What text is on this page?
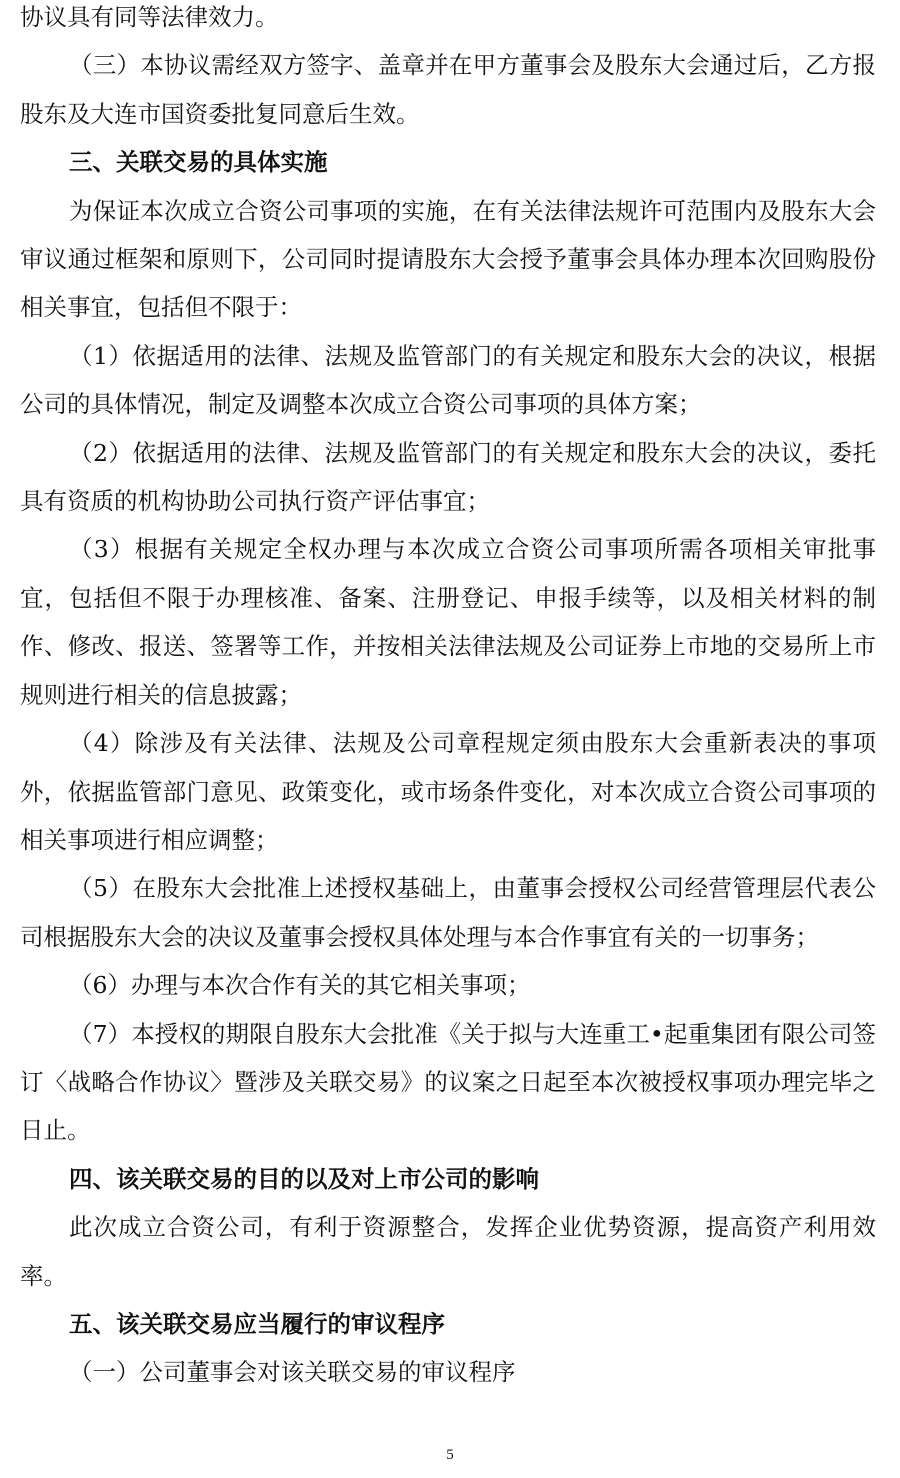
协议具有同等法律效力。

（三）本协议需经双方签字、盖章并在甲方董事会及股东大会通过后，乙方报股东及大连市国资委批复同意后生效。

三、关联交易的具体实施

为保证本次成立合资公司事项的实施，在有关法律法规许可范围内及股东大会审议通过框架和原则下，公司同时提请股东大会授予董事会具体办理本次回购股份相关事宜，包括但不限于：

（1）依据适用的法律、法规及监管部门的有关规定和股东大会的决议，根据公司的具体情况，制定及调整本次成立合资公司事项的具体方案；

（2）依据适用的法律、法规及监管部门的有关规定和股东大会的决议，委托具有资质的机构协助公司执行资产评估事宜；

（3）根据有关规定全权办理与本次成立合资公司事项所需各项相关审批事宜，包括但不限于办理核准、备案、注册登记、申报手续等，以及相关材料的制作、修改、报送、签署等工作，并按相关法律法规及公司证券上市地的交易所上市规则进行相关的信息披露；

（4）除涉及有关法律、法规及公司章程规定须由股东大会重新表决的事项外，依据监管部门意见、政策变化，或市场条件变化，对本次成立合资公司事项的相关事项进行相应调整；

（5）在股东大会批准上述授权基础上，由董事会授权公司经营管理层代表公司根据股东大会的决议及董事会授权具体处理与本合作事宜有关的一切事务；

（6）办理与本次合作有关的其它相关事项；

（7）本授权的期限自股东大会批准《关于拟与大连重工•起重集团有限公司签订〈战略合作协议〉暨涉及关联交易》的议案之日起至本次被授权事项办理完毕之日止。

四、该关联交易的目的以及对上市公司的影响

此次成立合资公司，有利于资源整合，发挥企业优势资源，提高资产利用效率。

五、该关联交易应当履行的审议程序

（一）公司董事会对该关联交易的审议程序

5
